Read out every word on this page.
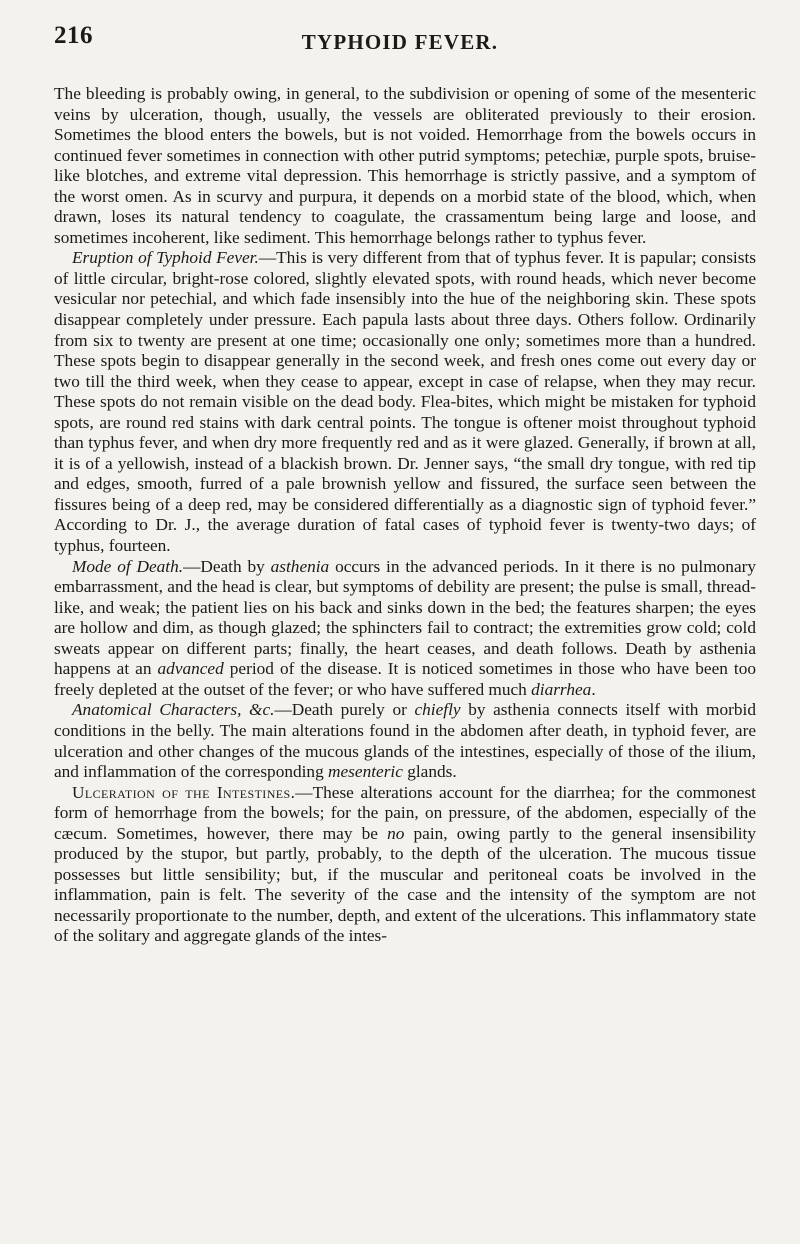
216	TYPHOID FEVER.

The bleeding is probably owing, in general, to the subdivision or opening of some of the mesenteric veins by ulceration, though, usually, the vessels are obliterated previously to their erosion. Sometimes the blood enters the bowels, but is not voided. Hemorrhage from the bowels occurs in continued fever sometimes in connection with other putrid symptoms; petechiæ, purple spots, bruise-like blotches, and extreme vital depression. This hemorrhage is strictly passive, and a symptom of the worst omen. As in scurvy and purpura, it depends on a morbid state of the blood, which, when drawn, loses its natural tendency to coagulate, the crassamentum being large and loose, and sometimes incoherent, like sediment. This hemorrhage belongs rather to typhus fever.

Eruption of Typhoid Fever.—This is very different from that of typhus fever. It is papular; consists of little circular, bright-rose colored, slightly elevated spots, with round heads, which never become vesicular nor petechial, and which fade insensibly into the hue of the neighboring skin. These spots disappear completely under pressure. Each papula lasts about three days. Others follow. Ordinarily from six to twenty are present at one time; occasionally one only; sometimes more than a hundred. These spots begin to disappear generally in the second week, and fresh ones come out every day or two till the third week, when they cease to appear, except in case of relapse, when they may recur. These spots do not remain visible on the dead body. Flea-bites, which might be mistaken for typhoid spots, are round red stains with dark central points. The tongue is oftener moist throughout typhoid than typhus fever, and when dry more frequently red and as it were glazed. Generally, if brown at all, it is of a yellowish, instead of a blackish brown. Dr. Jenner says, “the small dry tongue, with red tip and edges, smooth, furred of a pale brownish yellow and fissured, the surface seen between the fissures being of a deep red, may be considered differentially as a diagnostic sign of typhoid fever.” According to Dr. J., the average duration of fatal cases of typhoid fever is twenty-two days; of typhus, fourteen.

Mode of Death.—Death by asthenia occurs in the advanced periods. In it there is no pulmonary embarrassment, and the head is clear, but symptoms of debility are present; the pulse is small, thread-like, and weak; the patient lies on his back and sinks down in the bed; the features sharpen; the eyes are hollow and dim, as though glazed; the sphincters fail to contract; the extremities grow cold; cold sweats appear on different parts; finally, the heart ceases, and death follows. Death by asthenia happens at an advanced period of the disease. It is noticed sometimes in those who have been too freely depleted at the outset of the fever; or who have suffered much diarrhea.

Anatomical Characters, &c.—Death purely or chiefly by asthenia connects itself with morbid conditions in the belly. The main alterations found in the abdomen after death, in typhoid fever, are ulceration and other changes of the mucous glands of the intestines, especially of those of the ilium, and inflammation of the corresponding mesenteric glands.

Ulceration of the Intestines.—These alterations account for the diarrhea; for the commonest form of hemorrhage from the bowels; for the pain, on pressure, of the abdomen, especially of the cæcum. Sometimes, however, there may be no pain, owing partly to the general insensibility produced by the stupor, but partly, probably, to the depth of the ulceration. The mucous tissue possesses but little sensibility; but, if the muscular and peritoneal coats be involved in the inflammation, pain is felt. The severity of the case and the intensity of the symptom are not necessarily proportionate to the number, depth, and extent of the ulcerations. This inflammatory state of the solitary and aggregate glands of the intes-
